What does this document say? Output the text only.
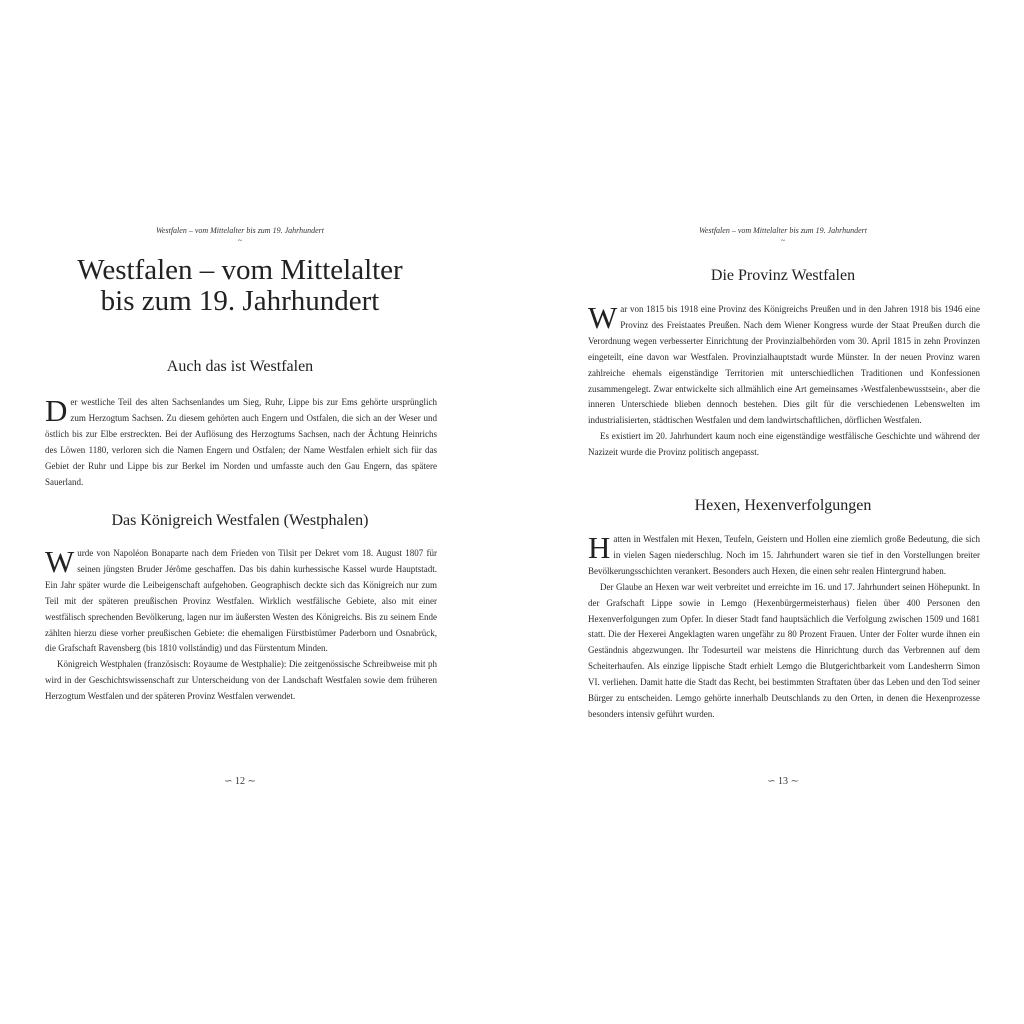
Westfalen – vom Mittelalter bis zum 19. Jahrhundert
~
Westfalen – vom Mittelalter
bis zum 19. Jahrhundert
Auch das ist Westfalen

Der westliche Teil des alten Sachsenlandes um Sieg, Ruhr, Lippe bis zur Ems gehörte ursprünglich zum Herzogtum Sachsen. Zu diesem gehörten auch Engern und Ostfalen, die sich an der Weser und östlich bis zur Elbe erstreckten. Bei der Auflösung des Herzogtums Sachsen, nach der Ächtung Heinrichs des Löwen 1180, verloren sich die Namen Engern und Ostfalen; der Name Westfalen erhielt sich für das Gebiet der Ruhr und Lippe bis zur Berkel im Norden und umfasste auch den Gau Engern, das spätere Sauerland.

Das Königreich Westfalen (Westphalen)

Wurde von Napoléon Bonaparte nach dem Frieden von Tilsit per Dekret vom 18. August 1807 für seinen jüngsten Bruder Jérôme geschaffen. Das bis dahin kurhessische Kassel wurde Hauptstadt. Ein Jahr später wurde die Leibeigenschaft aufgehoben. Geographisch deckte sich das Königreich nur zum Teil mit der späteren preußischen Provinz Westfalen. Wirklich westfälische Gebiete, also mit einer westfälisch sprechenden Bevölkerung, lagen nur im äußersten Westen des Königreichs. Bis zu seinem Ende zählten hierzu diese vorher preußischen Gebiete: die ehemaligen Fürstbistümer Paderborn und Osnabrück, die Grafschaft Ravensberg (bis 1810 vollständig) und das Fürstentum Minden.

Königreich Westphalen (französisch: Royaume de Westphalie): Die zeitgenössische Schreibweise mit ph wird in der Geschichtswissenschaft zur Unterscheidung von der Landschaft Westfalen sowie dem früheren Herzogtum Westfalen und der späteren Provinz Westfalen verwendet.

∽ 12 ∼
Westfalen – vom Mittelalter bis zum 19. Jahrhundert
~
Die Provinz Westfalen

War von 1815 bis 1918 eine Provinz des Königreichs Preußen und in den Jahren 1918 bis 1946 eine Provinz des Freistaates Preußen. Nach dem Wiener Kongress wurde der Staat Preußen durch die Verordnung wegen verbesserter Einrichtung der Provinzialbehörden vom 30. April 1815 in zehn Provinzen eingeteilt, eine davon war Westfalen. Provinzialhauptstadt wurde Münster. In der neuen Provinz waren zahlreiche ehemals eigenständige Territorien mit unterschiedlichen Traditionen und Konfessionen zusammengelegt. Zwar entwickelte sich allmählich eine Art gemeinsames ›Westfalenbewusstsein‹, aber die inneren Unterschiede blieben dennoch bestehen. Dies gilt für die verschiedenen Lebenswelten im industrialisierten, städtischen Westfalen und dem landwirtschaftlichen, dörflichen Westfalen.

Es existiert im 20. Jahrhundert kaum noch eine eigenständige westfälische Geschichte und während der Nazizeit wurde die Provinz politisch angepasst.

Hexen, Hexenverfolgungen

Hatten in Westfalen mit Hexen, Teufeln, Geistern und Hollen eine ziemlich große Bedeutung, die sich in vielen Sagen niederschlug. Noch im 15. Jahrhundert waren sie tief in den Vorstellungen breiter Bevölkerungsschichten verankert. Besonders auch Hexen, die einen sehr realen Hintergrund haben.

Der Glaube an Hexen war weit verbreitet und erreichte im 16. und 17. Jahrhundert seinen Höhepunkt. In der Grafschaft Lippe sowie in Lemgo (Hexenbürgermeisterhaus) fielen über 400 Personen den Hexenverfolgungen zum Opfer. In dieser Stadt fand hauptsächlich die Verfolgung zwischen 1509 und 1681 statt. Die der Hexerei Angeklagten waren ungefähr zu 80 Prozent Frauen. Unter der Folter wurde ihnen ein Geständnis abgezwungen. Ihr Todesurteil war meistens die Hinrichtung durch das Verbrennen auf dem Scheiterhaufen. Als einzige lippische Stadt erhielt Lemgo die Blutgerichtbarkeit vom Landesherrn Simon VI. verliehen. Damit hatte die Stadt das Recht, bei bestimmten Straftaten über das Leben und den Tod seiner Bürger zu entscheiden. Lemgo gehörte innerhalb Deutschlands zu den Orten, in denen die Hexenprozesse besonders intensiv geführt wurden.

∽ 13 ∼
